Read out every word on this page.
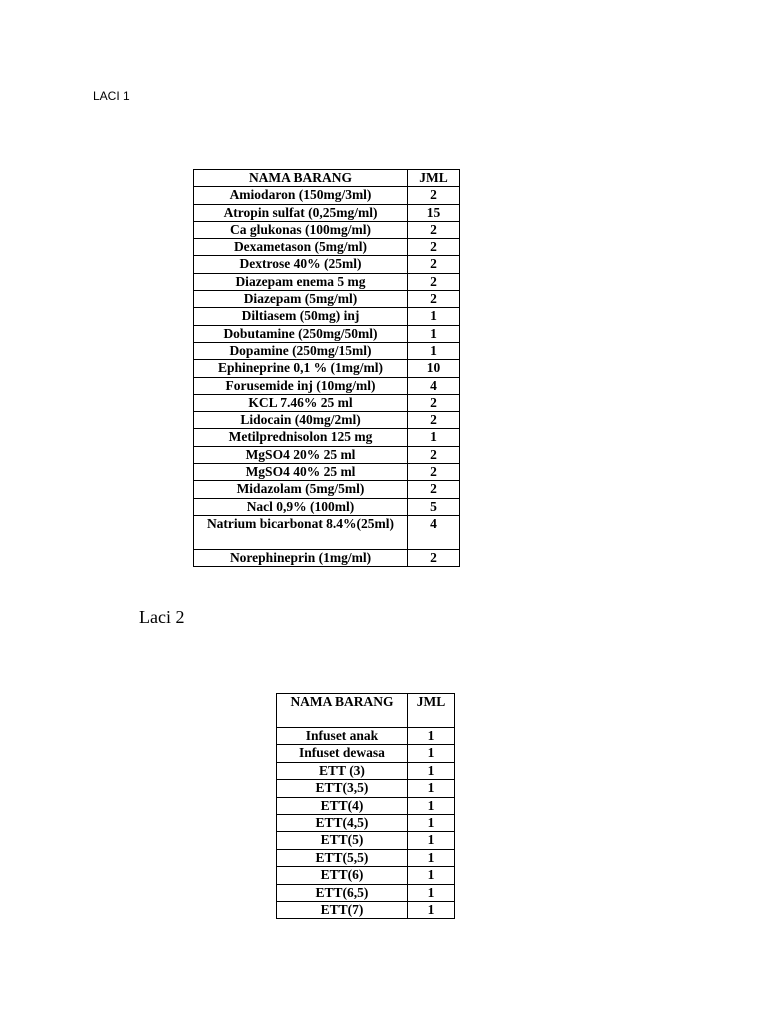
LACI 1
NAMA BARANG	JML
Amiodaron (150mg/3ml)	2
Atropin sulfat (0,25mg/ml)	15
Ca glukonas (100mg/ml)	2
Dexametason (5mg/ml)	2
Dextrose 40% (25ml)	2
Diazepam enema 5 mg	2
Diazepam (5mg/ml)	2
Diltiasem (50mg) inj	1
Dobutamine (250mg/50ml)	1
Dopamine (250mg/15ml)	1
Ephineprine 0,1 % (1mg/ml)	10
Forusemide inj (10mg/ml)	4
KCL 7.46% 25 ml	2
Lidocain (40mg/2ml)	2
Metilprednisolon 125 mg	1
MgSO4 20% 25 ml	2
MgSO4 40% 25 ml	2
Midazolam (5mg/5ml)	2
Nacl 0,9% (100ml)	5
Natrium bicarbonat 8.4%(25ml)	4
Norephineprin (1mg/ml)	2
Laci 2
NAMA BARANG	JML
Infuset anak	1
Infuset dewasa	1
ETT (3)	1
ETT(3,5)	1
ETT(4)	1
ETT(4,5)	1
ETT(5)	1
ETT(5,5)	1
ETT(6)	1
ETT(6,5)	1
ETT(7)	1
